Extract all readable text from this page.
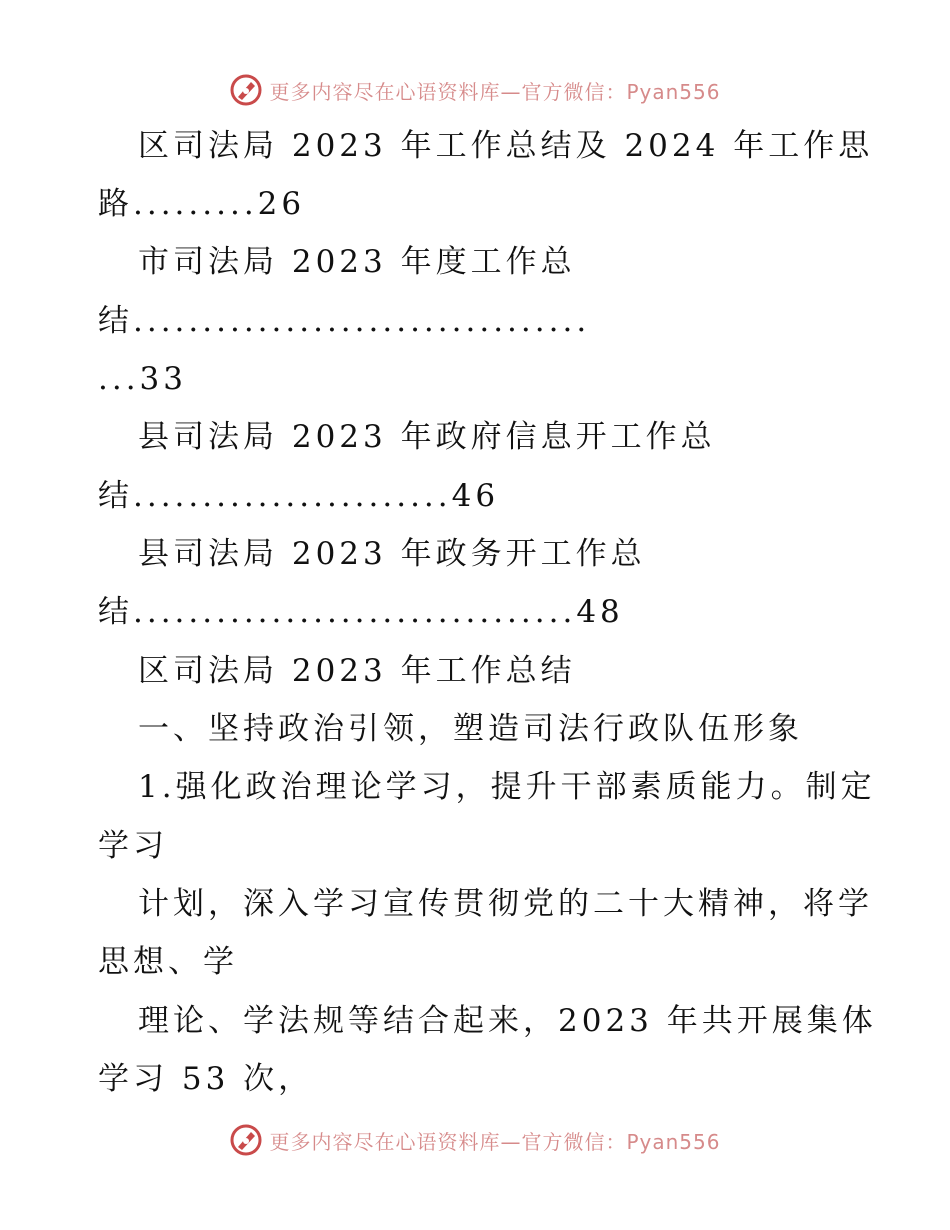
更多内容尽在心语资料库—官方微信：Pyan556
区司法局 2023 年工作总结及 2024 年工作思
路.........26
市司法局 2023 年度工作总
结.................................
...33
县司法局 2023 年政府信息开工作总
结.......................46
县司法局 2023 年政务开工作总
结................................48
区司法局 2023 年工作总结
一、坚持政治引领，塑造司法行政队伍形象
1.强化政治理论学习，提升干部素质能力。制定
学习
计划，深入学习宣传贯彻党的二十大精神，将学
思想、学
理论、学法规等结合起来，2023 年共开展集体
学习 53 次，
更多内容尽在心语资料库—官方微信：Pyan556
